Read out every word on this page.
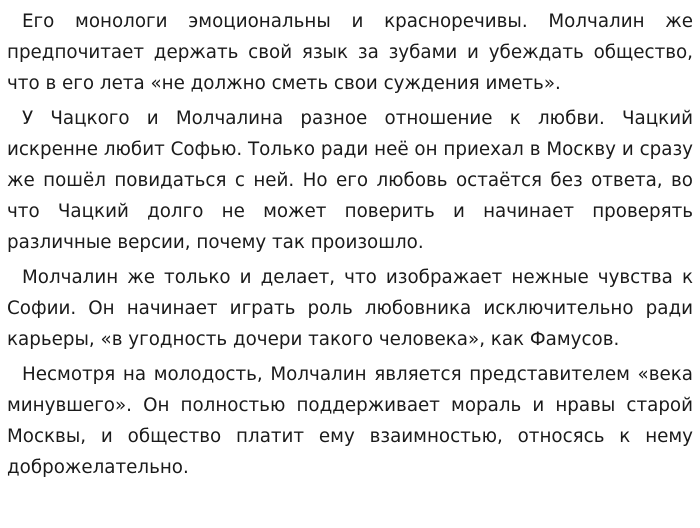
Его монологи эмоциональны и красноречивы. Молчалин же предпочитает держать свой язык за зубами и убеждать общество, что в его лета «не должно сметь свои суждения иметь».

У Чацкого и Молчалина разное отношение к любви. Чацкий искренне любит Софью. Только ради неё он приехал в Москву и сразу же пошёл повидаться с ней. Но его любовь остаётся без ответа, во что Чацкий долго не может поверить и начинает проверять различные версии, почему так произошло.

Молчалин же только и делает, что изображает нежные чувства к Софии. Он начинает играть роль любовника исключительно ради карьеры, «в угодность дочери такого человека», как Фамусов.

Несмотря на молодость, Молчалин является представителем «века минувшего». Он полностью поддерживает мораль и нравы старой Москвы, и общество платит ему взаимностью, относясь к нему доброжелательно.
